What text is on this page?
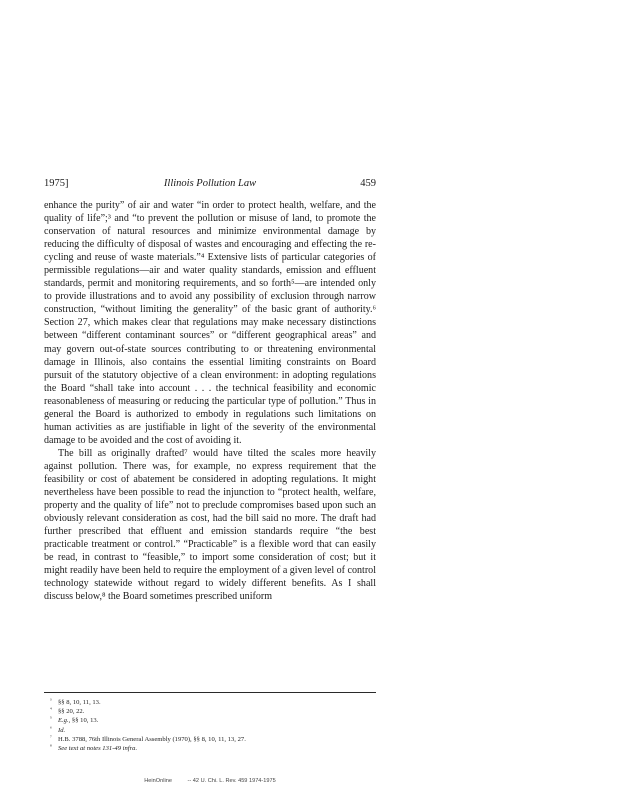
1975]	Illinois Pollution Law	459

enhance the purity” of air and water “in order to protect health, welfare, and the quality of life”;³ and “to prevent the pollution or misuse of land, to promote the conservation of natural resources and minimize environmental damage by reducing the difficulty of disposal of wastes and encouraging and effecting the re-cycling and reuse of waste materials.”⁴ Extensive lists of particular categories of permissible regulations—air and water quality standards, emission and effluent standards, permit and monitoring requirements, and so forth⁵—are intended only to provide illustrations and to avoid any possibility of exclusion through narrow construction, “without limiting the generality” of the basic grant of authority.⁶ Section 27, which makes clear that regulations may make necessary distinctions between “different contaminant sources” or “different geographical areas” and may govern out-of-state sources contributing to or threatening environmental damage in Illinois, also contains the essential limiting constraints on Board pursuit of the statutory objective of a clean environment: in adopting regulations the Board “shall take into account . . . the technical feasibility and economic reasonableness of measuring or reducing the particular type of pollution.” Thus in general the Board is authorized to embody in regulations such limitations on human activities as are justifiable in light of the severity of the environmental damage to be avoided and the cost of avoiding it.

The bill as originally drafted⁷ would have tilted the scales more heavily against pollution. There was, for example, no express requirement that the feasibility or cost of abatement be considered in adopting regulations. It might nevertheless have been possible to read the injunction to “protect health, welfare, property and the quality of life” not to preclude compromises based upon such an obviously relevant consideration as cost, had the bill said no more. The draft had further prescribed that effluent and emission standards require “the best practicable treatment or control.” “Practicable” is a flexible word that can easily be read, in contrast to “feasible,” to import some consideration of cost; but it might readily have been held to require the employment of a given level of control technology statewide without regard to widely different benefits. As I shall discuss below,⁸ the Board sometimes prescribed uniform

³ §§ 8, 10, 11, 13.
⁴ §§ 20, 22.
⁵ E.g., §§ 10, 13.
⁶ Id.
⁷ H.B. 3788, 76th Illinois General Assembly (1970), §§ 8, 10, 11, 13, 27.
⁸ See text at notes 131-49 infra.
HeinOnline	-- 42 U. Chi. L. Rev. 459 1974-1975
